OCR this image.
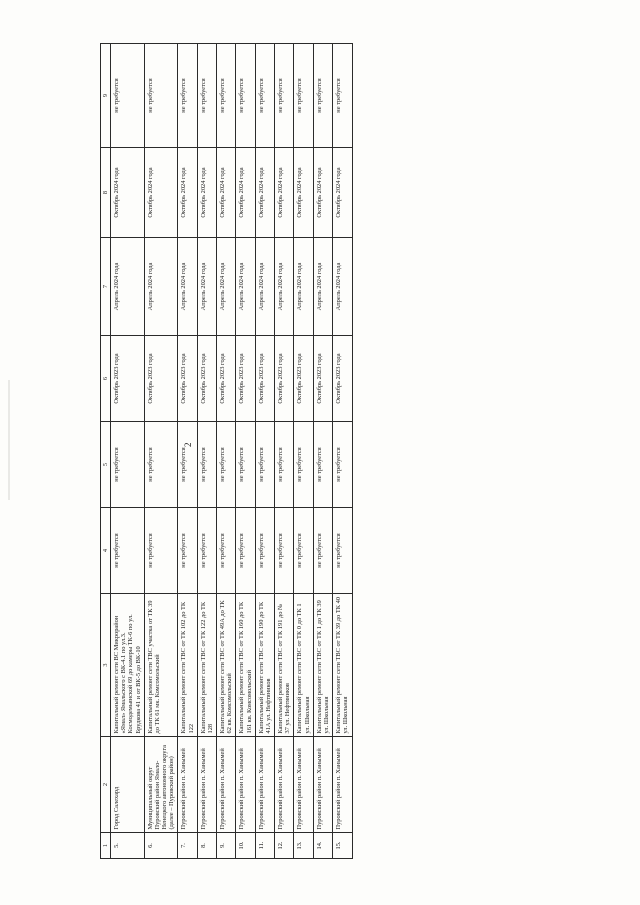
2
1	2	3	4	5	6	7	8	9
5.	Город Салехард	Капитальный ремонт сети ВС Микрорайон «Ямал» Ямальского с ВК-4.1 по ул.3. Космодемьянской 69 до камеры ТК-6 по ул. Брудкова 41 и от ВК-5 до ВК-10	не требуется	не требуется	Октябрь 2023 года	Апрель 2024 года	Октябрь 2024 года	не требуется
6.	Муниципальный округ Пуровский район Ямало-Ненецкого автономного округа (далее – Пуровский район)	Капитальный ремонт сети ТВС участка от ТК 39 до ТК 61 мк. Комсомольский	не требуется	не требуется	Октябрь 2023 года	Апрель 2024 года	Октябрь 2024 года	не требуется
7.	Пуровский район п. Ханымей	Капитальный ремонт сети ТВС от ТК 102 до ТК 122	не требуется	не требуется	Октябрь 2023 года	Апрель 2024 года	Октябрь 2024 года	не требуется
8.	Пуровский район п. Ханымей	Капитальный ремонт сети ТВС от ТК 122 до ТК 128	не требуется	не требуется	Октябрь 2023 года	Апрель 2024 года	Октябрь 2024 года	не требуется
9.	Пуровский район п. Ханымей	Капитальный ремонт сети ТВС от ТК 49А до ТК 62 кв. Комсомольский	не требуется	не требуется	Октябрь 2023 года	Апрель 2024 года	Октябрь 2024 года	не требуется
10.	Пуровский район п. Ханымей	Капитальный ремонт сети ТВС от ТК 160 до ТК 161 кв. Комсомольский	не требуется	не требуется	Октябрь 2023 года	Апрель 2024 года	Октябрь 2024 года	не требуется
11.	Пуровский район п. Ханымей	Капитальный ремонт сети ТВС от ТК 190 до ТК 41А ул. Нефтяников	не требуется	не требуется	Октябрь 2023 года	Апрель 2024 года	Октябрь 2024 года	не требуется
12.	Пуровский район п. Ханымей	Капитальный ремонт сети ТВС от ТК 191 до № 37 ул. Нефтяников	не требуется	не требуется	Октябрь 2023 года	Апрель 2024 года	Октябрь 2024 года	не требуется
13.	Пуровский район п. Ханымей	Капитальный ремонт сети ТВС от ТК 0 до ТК 1 ул. Школьная	не требуется	не требуется	Октябрь 2023 года	Апрель 2024 года	Октябрь 2024 года	не требуется
14.	Пуровский район п. Ханымей	Капитальный ремонт сети ТВС от ТК 1 до ТК 39 ул. Школьная	не требуется	не требуется	Октябрь 2023 года	Апрель 2024 года	Октябрь 2024 года	не требуется
15.	Пуровский район п. Ханымей	Капитальный ремонт сети ТВС от ТК 39 до ТК 40 ул. Школьная	не требуется	не требуется	Октябрь 2023 года	Апрель 2024 года	Октябрь 2024 года	не требуется
